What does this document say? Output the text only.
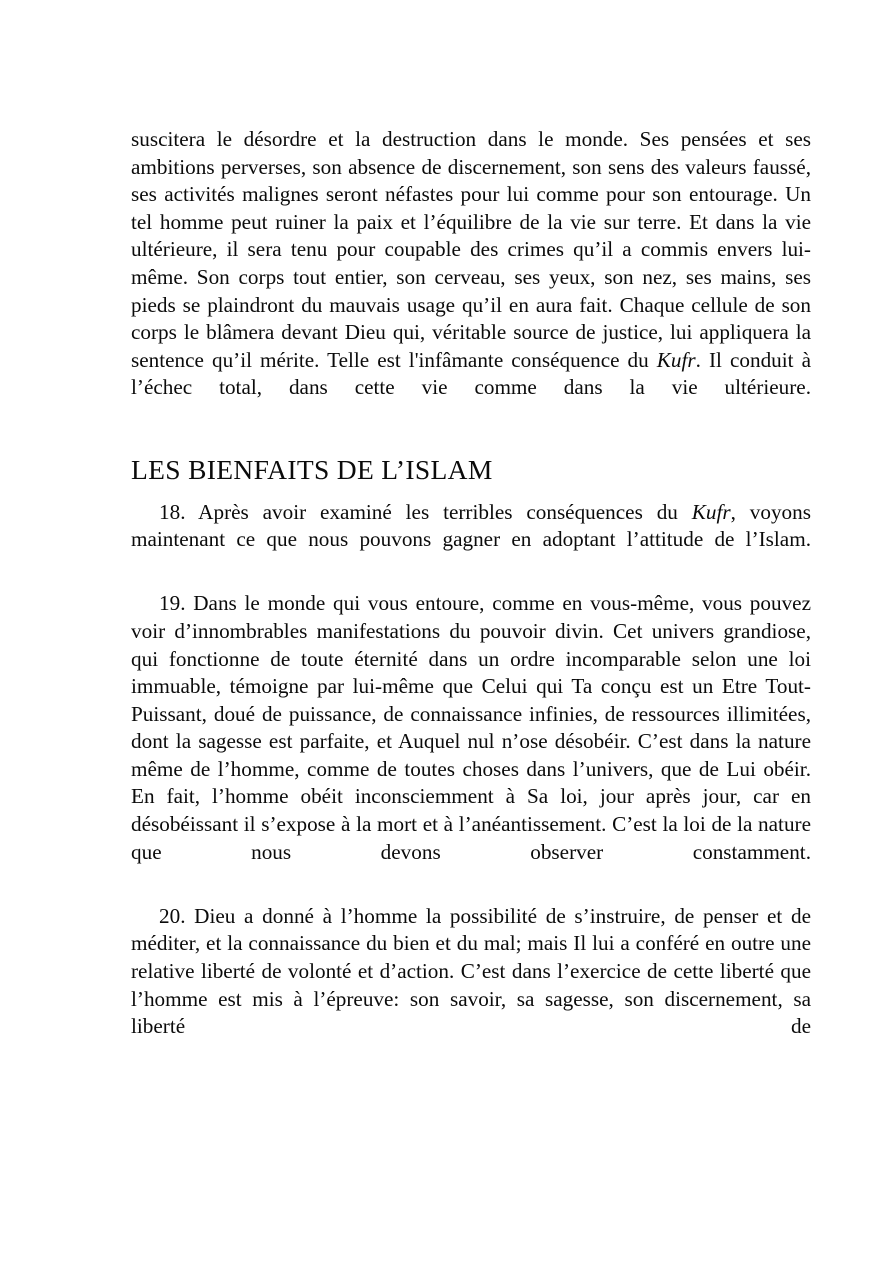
suscitera le désordre et la destruction dans le monde. Ses pensées et ses ambitions perverses, son absence de discernement, son sens des valeurs faussé, ses activités malignes seront néfastes pour lui comme pour son entourage. Un tel homme peut ruiner la paix et l’équilibre de la vie sur terre. Et dans la vie ultérieure, il sera tenu pour coupable des crimes qu’il a commis envers lui- même. Son corps tout entier, son cerveau, ses yeux, son nez, ses mains, ses pieds se plaindront du mauvais usage qu’il en aura fait. Chaque cellule de son corps le blâmera devant Dieu qui, véritable source de justice, lui appliquera la sentence qu’il mérite. Telle est l'infâmante conséquence du Kufr. Il conduit à l’échec total, dans cette vie comme dans la vie ultérieure.

LES BIENFAITS DE L’ISLAM

18. Après avoir examiné les terribles conséquences du Kufr, voyons maintenant ce que nous pouvons gagner en adoptant l’attitude de l’Islam.

19. Dans le monde qui vous entoure, comme en vous-même, vous pouvez voir d’innombrables manifestations du pouvoir divin. Cet univers grandiose, qui fonctionne de toute éternité dans un ordre incomparable selon une loi immuable, témoigne par lui-même que Celui qui Ta conçu est un Etre Tout-Puissant, doué de puissance, de connaissance infinies, de ressources illimitées, dont la sagesse est parfaite, et Auquel nul n’ose désobéir. C’est dans la nature même de l’homme, comme de toutes choses dans l’univers, que de Lui obéir. En fait, l’homme obéit inconsciemment à Sa loi, jour après jour, car en désobéissant il s’expose à la mort et à l’anéantissement. C’est la loi de la nature que nous devons observer constamment.

20. Dieu a donné à l’homme la possibilité de s’instruire, de penser et de méditer, et la connaissance du bien et du mal; mais Il lui a conféré en outre une relative liberté de volonté et d’action. C’est dans l’exercice de cette liberté que l’homme est mis à l’épreuve: son savoir, sa sagesse, son discernement, sa liberté de
